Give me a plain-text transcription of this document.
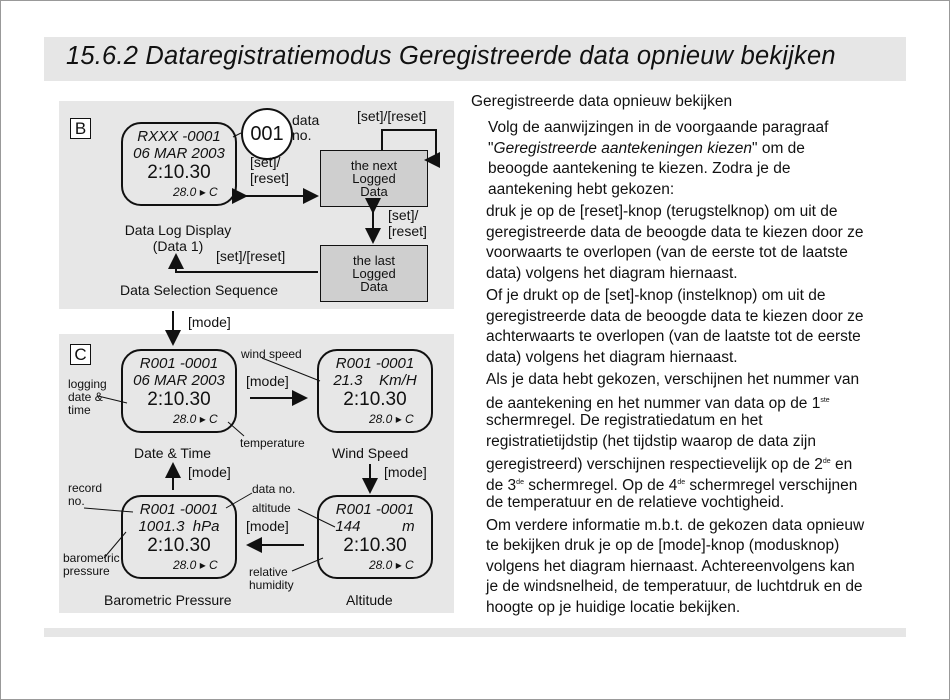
15.6.2 Dataregistratiemodus Geregistreerde data opnieuw bekijken
B	RXXX -0001
06 MAR 2003
2:10.30
28.0 ▸ C
001
data
no.
[set]/[reset]
[set]/
[reset]
[set]/
[reset]
[set]/[reset]
the next
Logged
Data
the last
Logged
Data
Data Log Display
(Data 1)
Data Selection Sequence
[mode]
C	R001 -0001
06 MAR 2003
2:10.30
28.0 ▸ C
R001 -0001
21.3    Km/H
2:10.30
28.0 ▸ C
R001 -0001
1001.3  hPa
2:10.30
28.0 ▸ C
R001 -0001
144          m
2:10.30
28.0 ▸ C
logging
date &
time
record
no.
barometric
pressure
wind speed
temperature
data no.
altitude
relative
humidity
[mode]
[mode]
[mode]
[mode]
Date & Time	Wind Speed
Barometric Pressure	Altitude
Geregistreerde data opnieuw bekijken
Volg de aanwijzingen in de voorgaande paragraaf
"Geregistreerde aantekeningen kiezen" om de
beoogde aantekening te kiezen. Zodra je de
aantekening hebt gekozen:
druk je op de [reset]-knop (terugstelknop) om uit de
geregistreerde data de beoogde data te kiezen door ze
voorwaarts te overlopen (van de eerste tot de laatste
data) volgens het diagram hiernaast.
Of je drukt op de [set]-knop (instelknop) om uit de
geregistreerde data de beoogde data te kiezen door ze
achterwaarts te overlopen (van de laatste tot de eerste
data) volgens het diagram hiernaast.
Als je data hebt gekozen, verschijnen het nummer van
de aantekening en het nummer van data op de 1ste
schermregel. De registratiedatum en het
registratietijdstip (het tijdstip waarop de data zijn
geregistreerd) verschijnen respectievelijk op de 2de en
de 3de schermregel. Op de 4de schermregel verschijnen
de temperatuur en de relatieve vochtigheid.
Om verdere informatie m.b.t. de gekozen data opnieuw
te bekijken druk je op de [mode]-knop (modusknop)
volgens het diagram hiernaast. Achtereenvolgens kan
je de windsnelheid, de temperatuur, de luchtdruk en de
hoogte op je huidige locatie bekijken.
